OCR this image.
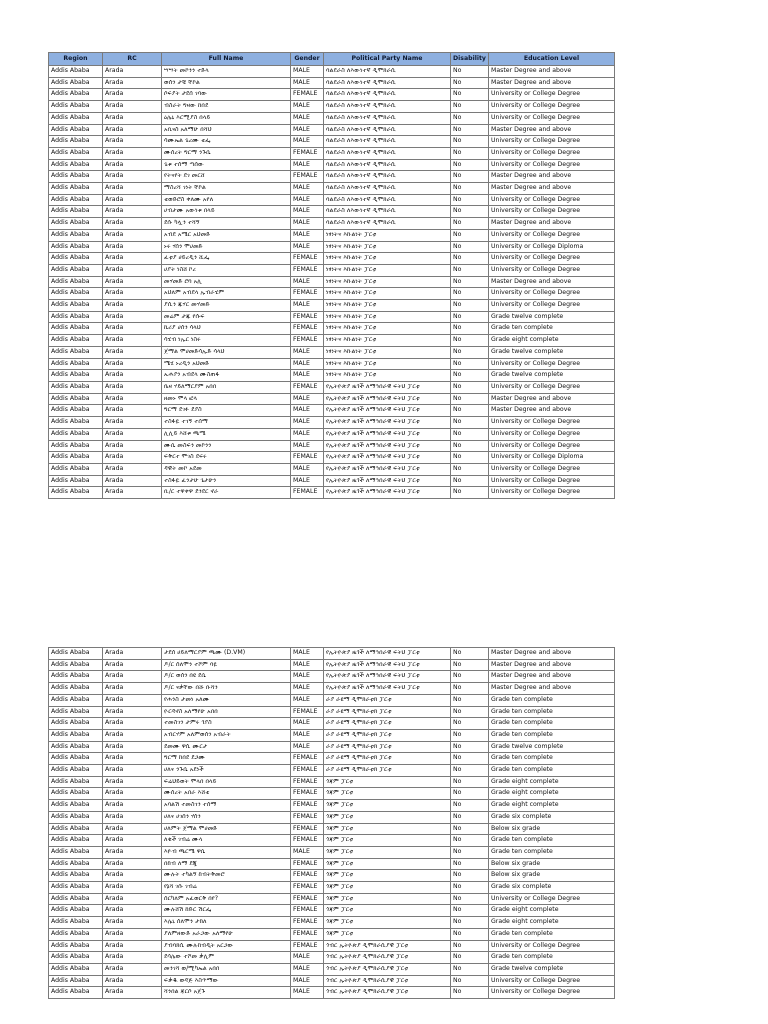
Region	RC	Full Name	Gender	Political Party Name	Disability	Education Level
Addis Ababa	Arada	ሣሣት መኮንን ተድላ	MALE	ባልደራስ ለእውነተኛ ዲሞክራሲ	No	Master Degree and above
Addis Ababa	Arada	ወሰን ታቹ ቸኮል	MALE	ባልደራስ ለእውነተኛ ዲሞክራሲ	No	Master Degree and above
Addis Ababa	Arada	ሶፍያት ታደሰ ገባው	FEMALE	ባልደራስ ለእውነተኛ ዲሞክራሲ	No	University or College Degree
Addis Ababa	Arada	ብስራት ግዛው ከበደ	MALE	ባልደራስ ለእውነተኛ ዲሞክራሲ	No	University or College Degree
Addis Ababa	Arada	ዕሌኒ እርሚያስ በላይ	MALE	ባልደራስ ለእውነተኛ ዲሞክራሲ	No	University or College Degree
Addis Ababa	Arada	አቢናስ አለማሁ በሻህ	MALE	ባልደራስ ለእውነተኛ ዲሞክራሲ	No	Master Degree and above
Addis Ababa	Arada	ሳሙኤል ጌረሙ ቴፌ	MALE	ባልደራስ ለእውነተኛ ዲሞክራሲ	No	University or College Degree
Addis Ababa	Arada	ሙሰረት ግርማ ንጉሴ	FEMALE	ባልደራስ ለእውነተኛ ዲሞክራሲ	No	University or College Degree
Addis Ababa	Arada	ጌቱ ተሰማ ጣሰው	MALE	ባልደራስ ለእውነተኛ ዲሞክራሲ	No	University or College Degree
Addis Ababa	Arada	የትናየት ደገ መርሸ	FEMALE	ባልደራስ ለእውነተኛ ዲሞክራሲ	No	Master Degree and above
Addis Ababa	Arada	ማስረሻ ገነት ቸኮል	MALE	ባልደራስ ለእውነተኛ ዲሞክራሲ	No	Master Degree and above
Addis Ababa	Arada	ቴወድሮስ ቀለሙ አየለ	MALE	ባልደራስ ለእውነተኛ ዲሞክራሲ	No	University or College Degree
Addis Ababa	Arada	ሀብታሙ አውነቱ በላይ	MALE	ባልደራስ ለእውነተኛ ዲሞክራሲ	No	University or College Degree
Addis Ababa	Arada	ደሱ ካሏን ተሻኝ	MALE	ባልደራስ ለእውነተኛ ዲሞክራሲ	No	Master Degree and above
Addis Ababa	Arada	አብደ አሜር አህመድ	MALE	ነፃነትና እኩልነት ፓርቲ	No	University or College Degree
Addis Ababa	Arada	ኑሩ ሃሰን ሞሀመድ	MALE	ነፃነትና እኩልነት ፓርቲ	No	University or College Diploma
Addis Ababa	Arada	ፈቲያ ሀይረዲን ሺፌ	FEMALE	ነፃነትና እኩልነት ፓርቲ	No	University or College Degree
Addis Ababa	Arada	ሀያት ነስሸ ኮረ	FEMALE	ነፃነትና እኩልነት ፓርቲ	No	University or College Degree
Addis Ababa	Arada	መሃመድ ሮባ አሊ	MALE	ነፃነትና እኩልነት ፓርቲ	No	Master Degree and above
Addis Ababa	Arada	አህለም አብደላ ኢብራሂም	FEMALE	ነፃነትና እኩልነት ፓርቲ	No	University or College Degree
Addis Ababa	Arada	ያሲን ጁሃር መሃመድ	MALE	ነፃነትና እኩልነት ፓርቲ	No	University or College Degree
Addis Ababa	Arada	መሬም ታጁ የሱፍ	FEMALE	ነፃነትና እኩልነት ፓርቲ	No	Grade twelve complete
Addis Ababa	Arada	ኬሪያ ሀሰን ሳላህ	FEMALE	ነፃነትና እኩልነት ፓርቲ	No	Grade ten complete
Addis Ababa	Arada	ሳሂብ ነኢር ነስሩ	FEMALE	ነፃነትና እኩልነት ፓርቲ	No	Grade eight complete
Addis Ababa	Arada	ጀማል ሞሀመድሳኢድ ሳላህ	MALE	ነፃነትና እኩልነት ፓርቲ	No	Grade twelve complete
Addis Ababa	Arada	ሜሂ ኑረዲን አህመድ	MALE	ነፃነትና እኩልነት ፓርቲ	No	University or College Degree
Addis Ababa	Arada	ኡሐያን አብደላ ሙስጠፋ	MALE	ነፃነትና እኩልነት ፓርቲ	No	Grade twelve complete
Addis Ababa	Arada	ቤዛ ሃይለማርያም አበበ	FEMALE	የኢትዮጵያ ዜጎች ለማኅበራዊ ፍትህ ፓርቲ	No	University or College Degree
Addis Ababa	Arada	ዘመኑ ሞላ ፎላ	MALE	የኢትዮጵያ ዜጎች ለማኅበራዊ ፍትህ ፓርቲ	No	Master Degree and above
Addis Ababa	Arada	ግርማ ደገፉ ደያስ	MALE	የኢትዮጵያ ዜጎች ለማኅበራዊ ፍትህ ፓርቲ	No	Master Degree and above
Addis Ababa	Arada	ተስፋዬ ተገኝ ተሰማ	MALE	የኢትዮጵያ ዜጎች ለማኅበራዊ ፍትህ ፓርቲ	No	University or College Degree
Addis Ababa	Arada	ሊሊይ እሸቱ ጫሜ	MALE	የኢትዮጵያ ዜጎች ለማኅበራዊ ፍትህ ፓርቲ	No	University or College Degree
Addis Ababa	Arada	ሙሴ መስፍን መኮንን	MALE	የኢትዮጵያ ዜጎች ለማኅበራዊ ፍትህ ፓርቲ	No	University or College Degree
Addis Ababa	Arada	ፍቅርተ ሞገስ ደፍሩ	FEMALE	የኢትዮጵያ ዜጎች ለማኅበራዊ ፍትህ ፓርቲ	No	University or College Diploma
Addis Ababa	Arada	ዳዊት መኮ አደመ	MALE	የኢትዮጵያ ዜጎች ለማኅበራዊ ፍትህ ፓርቲ	No	University or College Degree
Addis Ababa	Arada	ተስፋዬ ፈንታሁ ጌታሁን	MALE	የኢትዮጵያ ዜጎች ለማኅበራዊ ፍትህ ፓርቲ	No	University or College Degree
Addis Ababa	Arada	ቢ/ር ተዋቀዋ ደንደር ኖራ	FEMALE	የኢትዮጵያ ዜጎች ለማኅበራዊ ፍትህ ፓርቲ	No	University or College Degree
Addis Ababa	Arada	ታደሰ ሀይለማርያም ጫሙ (D.VM)	MALE	የኢትዮጵያ ዜጎች ለማኅበራዊ ፍትህ ፓርቲ	No	Master Degree and above
Addis Ababa	Arada	ዶ/ር ሰለሞን ተሾም ባዬ	MALE	የኢትዮጵያ ዜጎች ለማኅበራዊ ፍትህ ፓርቲ	No	Master Degree and above
Addis Ababa	Arada	ዶ/ር ወሰን በዩ ደሴ	MALE	የኢትዮጵያ ዜጎች ለማኅበራዊ ፍትህ ፓርቲ	No	Master Degree and above
Addis Ababa	Arada	ዶ/ር ናቃቸው በሹ ቡሻን	MALE	የኢትዮጵያ ዜጎች ለማኅበራዊ ፍትህ ፓርቲ	No	Master Degree and above
Addis Ababa	Arada	የሐንስ ታመነ አለሙ	MALE	ራያ ራዩማ ዲሞክራቲክ ፓርቲ	No	Grade ten complete
Addis Ababa	Arada	ዮርዳኖስ አለማየሁ አበበ	FEMALE	ራያ ራዩማ ዲሞክራቲክ ፓርቲ	No	Grade ten complete
Addis Ababa	Arada	ተመስገን ታምሩ ጎያስ	MALE	ራያ ራዩማ ዲሞክራቲክ ፓርቲ	No	Grade ten complete
Addis Ababa	Arada	አብርሃም አለምወሰን አብራት	MALE	ራያ ራዩማ ዲሞክራቲክ ፓርቲ	No	Grade ten complete
Addis Ababa	Arada	ደመሙ ዋሲ ሙርታ	MALE	ራያ ራዩማ ዲሞክራቲክ ፓርቲ	No	Grade twelve complete
Addis Ababa	Arada	ግርማ ከበደ ደጋሙ	FEMALE	ራያ ራዩማ ዲሞክራቲክ ፓርቲ	No	Grade ten complete
Addis Ababa	Arada	ሀለና ንጉሴ አደነች	FEMALE	ራያ ራዩማ ዲሞክራቲክ ፓርቲ	No	Grade ten complete
Addis Ababa	Arada	ፍሬህይወት ሞላበ በላይ	FEMALE	ጎጃም ፓርቲ	No	Grade eight complete
Addis Ababa	Arada	ሙሰረት አበራ እሸቴ	FEMALE	ጎጃም ፓርቲ	No	Grade eight complete
Addis Ababa	Arada	አባልሽ ተመስገን ተሰማ	FEMALE	ጎጃም ፓርቲ	No	Grade eight complete
Addis Ababa	Arada	ሀለና ሀገሰን ሃሰን	FEMALE	ጎጃም ፓርቲ	No	Grade six complete
Addis Ababa	Arada	ሀለምት ጀማል ሞሀመድ	FEMALE	ጎጃም ፓርቲ	No	Below six grade
Addis Ababa	Arada	ለቁች ገብሬ ሙላ	FEMALE	ጎጃም ፓርቲ	No	Grade ten complete
Addis Ababa	Arada	እዮብ ጫርሜ ዋሴ	MALE	ጎጃም ፓርቲ	No	Grade ten complete
Addis Ababa	Arada	በከብ ለማ ደጂ	FEMALE	ጎጃም ፓርቲ	No	Below six grade
Addis Ababa	Arada	ሙሉት ተካልኝ ከብትቅመሮ	FEMALE	ጎጃም ፓርቲ	No	Below six grade
Addis Ababa	Arada	የኔሻ ገሱ ገብሬ	FEMALE	ጎጃም ፓርቲ	No	Grade six complete
Addis Ababa	Arada	ሰርካለም አፈወርቅ በየ?	FEMALE	ጎጃም ፓርቲ	No	University or College Degree
Addis Ababa	Arada	ሙሉሸሽ ከድር ሽርፌ	FEMALE	ጎጃም ፓርቲ	No	Grade eight complete
Addis Ababa	Arada	እሌኒ ሰለሞን ታከለ	FEMALE	ጎጃም ፓርቲ	No	Grade eight complete
Addis Ababa	Arada	ያለምዘውድ አራጋው አለማየሁ	FEMALE	ጎጃም ፓርቲ	No	Grade ten complete
Addis Ababa	Arada	ያብባክሲ ሙሉከብዲት አርጋው	FEMALE	ጎብር ኢትዮጵያ ዲሞክራሲያዊ ፓርቲ	No	University or College Degree
Addis Ababa	Arada	ደሳሌው ተሾመ ቃሊም	MALE	ጎብር ኢትዮጵያ ዲሞክራሲያዊ ፓርቲ	No	Grade ten complete
Addis Ababa	Arada	መንገሻ ወ/ሚካኤል አበበ	MALE	ጎብር ኢትዮጵያ ዲሞክራሲያዊ ፓርቲ	No	Grade twelve complete
Addis Ababa	Arada	ፍቃዱ ወዳጅ እስጥማው	MALE	ጎብር ኢትዮጵያ ዲሞክራሲያዊ ፓርቲ	No	University or College Degree
Addis Ababa	Arada	ሻንበል ጃርሶ አጀጉ	MALE	ጎብር ኢትዮጵያ ዲሞክራሲያዊ ፓርቲ	No	University or College Degree
